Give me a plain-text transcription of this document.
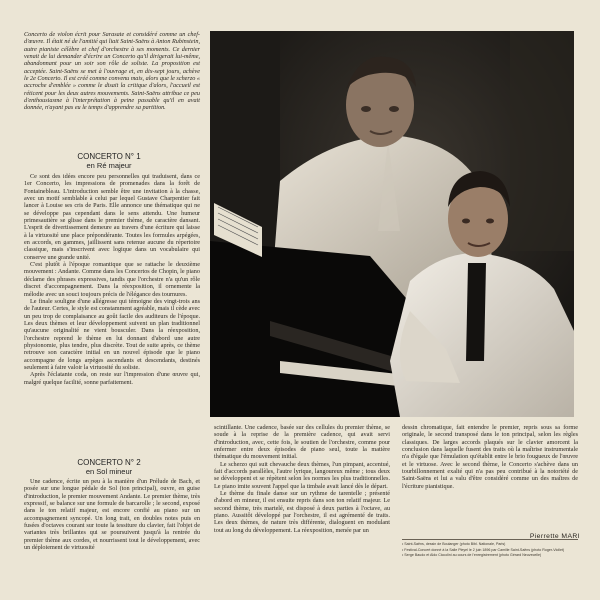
Concerto de violon écrit pour Sarasate et considéré comme un chef-d'œuvre. Il était né de l'amitié qui liait Saint-Saëns à Anton Rubinstein, autre pianiste célèbre et chef d'orchestre à ses moments. Ce dernier venait de lui demander d'écrire un Concerto qu'il dirigerait lui-même, abandonnant pour un soir son rôle de soliste. La proposition est acceptée. Saint-Saëns se met à l'ouvrage et, en dix-sept jours, achève le 2e Concerto. Il est créé comme convenu mais, alors que le scherzo « accroche d'emblée » comme le disait la critique d'alors, l'accueil est réticent pour les deux autres mouvements. Saint-Saëns attribue ce peu d'enthousiasme à l'interprétation à peine passable qu'il en avait donnée, n'ayant pas eu le temps d'apprendre sa partition.

CONCERTO N° 1
en Ré majeur

Ce sont des idées encore peu personnelles qui traduisent, dans ce 1er Concerto, les impressions de promenades dans la forêt de Fontainebleau. L'introduction semble être une invitation à la chasse, avec un motif semblable à celui par lequel Gustave Charpentier fait lancer à Louise ses cris de Paris. Elle annonce une thématique qui ne se développe pas cependant dans le sens attendu. Une humeur primesautière se glisse dans le premier thème, de caractère dansant. L'esprit de divertissement demeure au travers d'une écriture qui laisse à la virtuosité une place prépondérante. Toutes les formules arpégées, en accords, en gammes, jaillissent sans retenue aucune du répertoire classique, mais s'inscrivent avec logique dans un vocabulaire qui conserve une grande unité.

C'est plutôt à l'époque romantique que se rattache le deuxième mouvement : Andante. Comme dans les Concertos de Chopin, le piano déclame des phrases expressives, tandis que l'orchestre n'a qu'un rôle discret d'accompagnement. Dans la réexposition, il ornemente la mélodie avec un souci toujours précis de l'élégance des tournures.

Le finale souligne d'une allégresse qui témoigne des vingt-trois ans de l'auteur. Certes, le style est constamment agréable, mais il cède avec un peu trop de complaisance au goût facile des auditeurs de l'époque. Les deux thèmes et leur développement suivent un plan traditionnel qu'aucune originalité ne vient bousculer. Dans la réexposition, l'orchestre reprend le thème en lui donnant d'abord une autre physionomie, plus tendre, plus discrète. Tout de suite après, ce thème retrouve son caractère initial en un nouvel épisode que le piano accompagne de longs arpèges ascendants et descendants, destinés seulement à faire valoir la virtuosité du soliste.

Après l'éclatante coda, on reste sur l'impression d'une œuvre qui, malgré quelque facilité, sonne parfaitement.

CONCERTO N° 2
en Sol mineur

Une cadence, écrite un peu à la manière d'un Prélude de Bach, et posée sur une longue pédale de Sol (ton principal), ouvre, en guise d'introduction, le premier mouvement Andante. Le premier thème, très expressif, se balance sur une formule de barcarolle ; le second, exposé dans le ton relatif majeur, est encore confié au piano sur un accompagnement syncopé. Un long trait, en doubles notes puis en fusées d'octaves courant sur toute la tessiture du clavier, fait l'objet de variantes très brillantes qui se poursuivent jusqu'à la rentrée du premier thème aux cordes, et nourrissent tout le développement, avec un déploiement de virtuosité

scintillante. Une cadence, basée sur des cellules du premier thème, se soude à la reprise de la première cadence, qui avait servi d'introduction, avec, cette fois, le soutien de l'orchestre, comme pour enfermer entre deux épisodes de piano seul, toute la matière thématique du mouvement initial.

Le scherzo qui suit chevauche deux thèmes, l'un pimpant, accentué, fait d'accords parallèles, l'autre lyrique, langoureux même ; tous deux se développent et se répètent selon les normes les plus traditionnelles. Le piano imite souvent l'appel que la timbale avait lancé dès le départ.

Le thème du finale danse sur un rythme de tarentelle ; présenté d'abord en mineur, il est ensuite repris dans son ton relatif majeur. Le second thème, très martelé, est disposé à deux parties à l'octave, au piano. Aussitôt développé par l'orchestre, il est agrémenté de traits. Les deux thèmes, de nature très différente, dialoguent en modulant tout au long du développement. La réexposition, menée par un

dessin chromatique, fait entendre le premier, repris sous sa forme originale, le second transposé dans le ton principal, selon les règles classiques. De larges accords plaqués sur le clavier amorcent la conclusion dans laquelle fusent des traits où la maîtrise instrumentale n'a d'égale que l'émulation qu'établit entre le brio fougueux de l'œuvre et le virtuose. Avec le second thème, le Concerto s'achève dans un tourbillonnement exalté qui n'a pas peu contribué à la notoriété de Saint-Saëns et lui a valu d'être considéré comme un des maîtres de l'écriture pianistique.

Pierrette MARI
• Saint-Saëns, dessin de Boulanger (photo Bibl. Nationale, Paris)
• Festival-Concert donné à la Salle Pleyel le 2 juin 1896 par Camille Saint-Saëns (photo Roger-Viollet)
• Serge Baudo et Aldo Ciccolini au cours de l'enregistrement (photo Gérard Neuvecelle)
